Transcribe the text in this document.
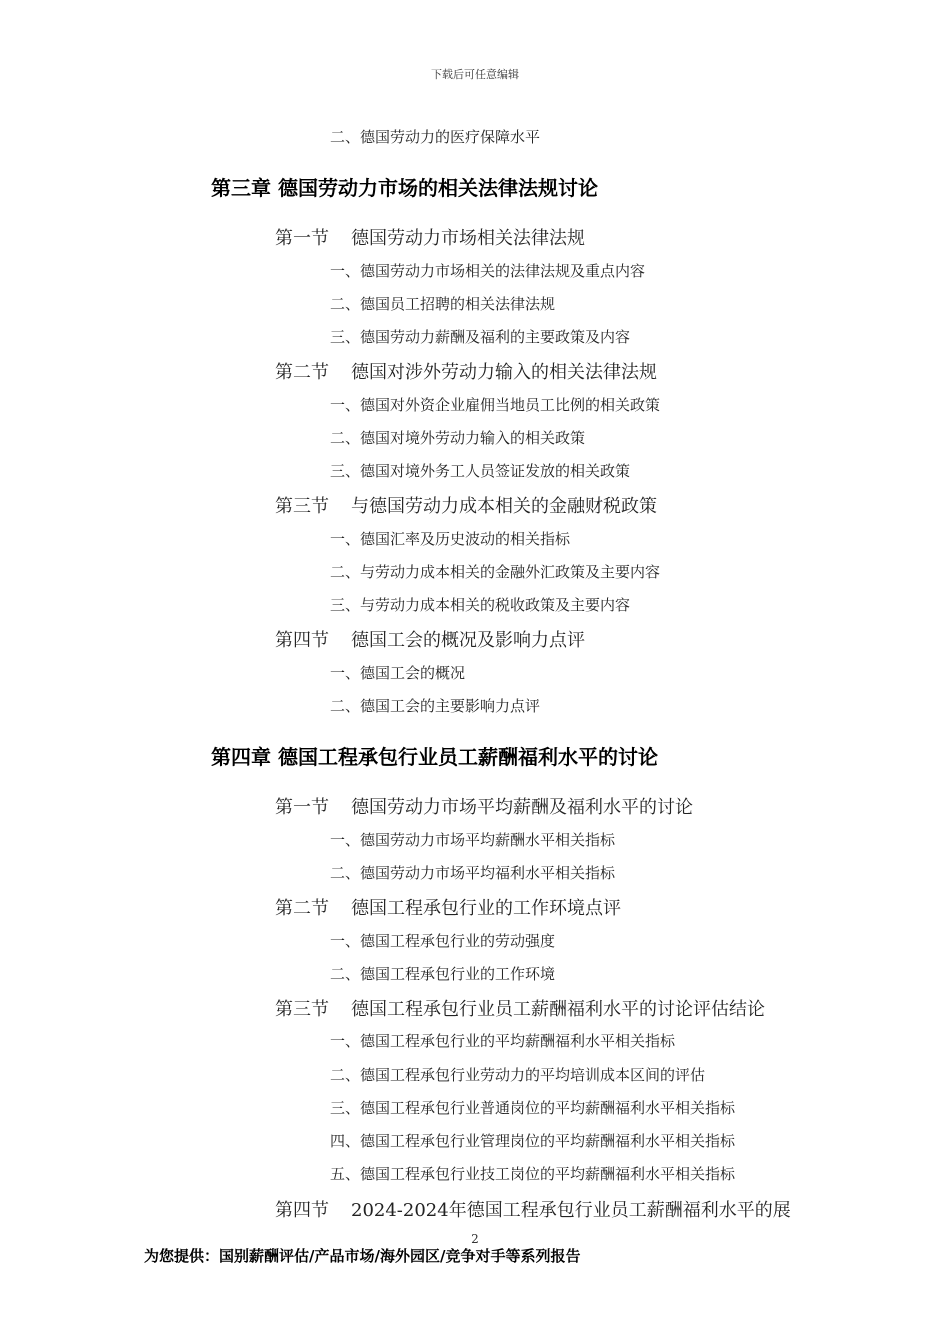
下载后可任意编辑
二、德国劳动力的医疗保障水平
第三章 德国劳动力市场的相关法律法规讨论
第一节 德国劳动力市场相关法律法规
一、德国劳动力市场相关的法律法规及重点内容
二、德国员工招聘的相关法律法规
三、德国劳动力薪酬及福利的主要政策及内容
第二节 德国对涉外劳动力输入的相关法律法规
一、德国对外资企业雇佣当地员工比例的相关政策
二、德国对境外劳动力输入的相关政策
三、德国对境外务工人员签证发放的相关政策
第三节 与德国劳动力成本相关的金融财税政策
一、德国汇率及历史波动的相关指标
二、与劳动力成本相关的金融外汇政策及主要内容
三、与劳动力成本相关的税收政策及主要内容
第四节 德国工会的概况及影响力点评
一、德国工会的概况
二、德国工会的主要影响力点评
第四章 德国工程承包行业员工薪酬福利水平的讨论
第一节 德国劳动力市场平均薪酬及福利水平的讨论
一、德国劳动力市场平均薪酬水平相关指标
二、德国劳动力市场平均福利水平相关指标
第二节 德国工程承包行业的工作环境点评
一、德国工程承包行业的劳动强度
二、德国工程承包行业的工作环境
第三节 德国工程承包行业员工薪酬福利水平的讨论评估结论
一、德国工程承包行业的平均薪酬福利水平相关指标
二、德国工程承包行业劳动力的平均培训成本区间的评估
三、德国工程承包行业普通岗位的平均薪酬福利水平相关指标
四、德国工程承包行业管理岗位的平均薪酬福利水平相关指标
五、德国工程承包行业技工岗位的平均薪酬福利水平相关指标
第四节 2024-2024年德国工程承包行业员工薪酬福利水平的展
2
为您提供：国别薪酬评估/产品市场/海外园区/竞争对手等系列报告
